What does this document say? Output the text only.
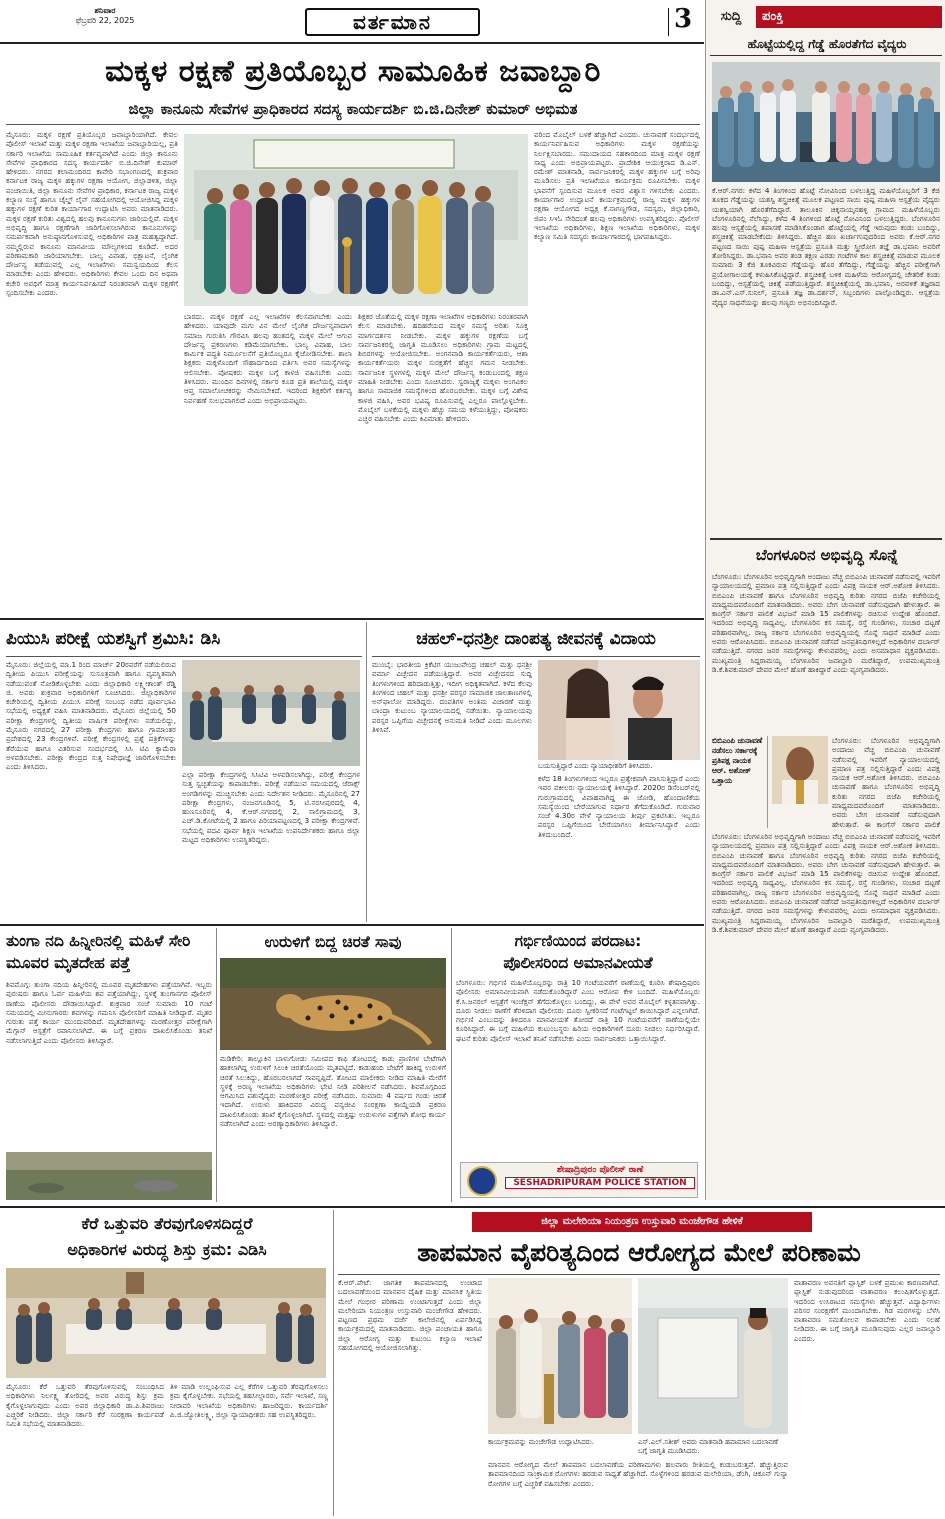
ಶನಿವಾರ
ಫೆಬ್ರವರಿ 22, 2025	ವರ್ತಮಾನ	3	ಸುದ್ದಿ	ಪಂಕ್ತಿ
ಹೊಟ್ಟೆಯಲ್ಲಿದ್ದ ಗೆಡ್ಡೆ ಹೊರತೆಗೆದ ವೈದ್ಯರು
ಕೆ.ಆರ್.ನಗರ: ಕಳೆದ 4 ತಿಂಗಳಿಂದ ಹೊಟ್ಟೆ ನೋವಿನಿಂದ ಬಳಲುತ್ತಿದ್ದ ಮಹಿಳೆಯೊಬ್ಬರಿಗೆ 3 ಕೆಜಿ ತೂಕದ ಗೆಡ್ಡೆಯನ್ನು ಯಶಸ್ವಿ ಶಸ್ತ್ರಚಿಕಿತ್ಸೆ ಮೂಲಕ ಪಟ್ಟಣದ ಸಾಯಿ ಪುಷ್ಪ ಮಹಿಳಾ ಆಸ್ಪತ್ರೆಯ ವೈದ್ಯರು ಯಶಸ್ವಿಯಾಗಿ ಹೊರತೆಗೆದಿದ್ದಾರೆ. ತಾಲೂಕಿನ ಚಿಕ್ಕನಾಯ್ಕನಹಳ್ಳಿ ಗ್ರಾಮದ ಮಹಿಳೆಯೊಬ್ಬರು ಬೆಂಗಳೂರಿನಲ್ಲಿ ನೆಲೆಸಿದ್ದು, ಕಳೆದ 4 ತಿಂಗಳಿಂದ ಹೊಟ್ಟೆ ನೋವಿನಿಂದ ಬಳಲುತ್ತಿದ್ದರು. ಬೆಂಗಳೂರಿನ ಹಲವು ಆಸ್ಪತ್ರೆಯಲ್ಲಿ ತಪಾಸಣೆ ಮಾಡಿಸಿಕೊಂಡಾಗ ಹೊಟ್ಟೆಯಲ್ಲಿ ಗೆಡ್ಡೆ ಇರುವುದು ಕಂಡು ಬಂದಿದ್ದು, ಶಸ್ತ್ರಚಿಕಿತ್ಸೆ ಮಾಡಬೇಕೆಂದು ತಿಳಿಸಿದ್ದರು. ಹೆಚ್ಚಿನ ಹಣ ಖರ್ಚಾಗುವುದರಿಂದ ಅವರು ಕೆ.ಆರ್.ನಗರ ಪಟ್ಟಣದ ಸಾಯಿ ಪುಷ್ಪ ಮಹಿಳಾ ಆಸ್ಪತ್ರೆಯ ಪ್ರಸೂತಿ ಮತ್ತು ಸ್ತ್ರೀರೋಗ ತಜ್ಞೆ ಡಾ.ಭವಾನಿ ಅವರಿಗೆ ತೋರಿಸಿದ್ದರು. ಡಾ.ಭವಾನಿ ಅವರ ತಂಡ ತಕ್ಷಣ ಎರಡು ಗಂಟೆಗಳ ಕಾಲ ಶಸ್ತ್ರಚಿಕಿತ್ಸೆ ಮಾಡುವ ಮೂಲಕ ಸುಮಾರು 3 ಕೆಜಿ ತೂಕವಿರುವ ಗೆಡ್ಡೆಯನ್ನು ಹೊರ ತೆಗೆದಿದ್ದು, ಗೆಡ್ಡೆಯನ್ನು ಹೆಚ್ಚಿನ ಪರೀಕ್ಷೆಗಾಗಿ ಪ್ರಯೋಗಾಲಯಕ್ಕೆ ಕಳುಹಿಸಿಕೊಟ್ಟಿದ್ದಾರೆ. ಶಸ್ತ್ರಚಿಕಿತ್ಸೆ ಬಳಿಕ ಮಹಿಳೆಯ ಆರೋಗ್ಯದಲ್ಲಿ ಚೇತರಿಕೆ ಕಂಡು ಬಂದಿದ್ದು, ಆಸ್ಪತ್ರೆಯಲ್ಲಿ ಚಿಕಿತ್ಸೆ ಪಡೆಯುತ್ತಿದ್ದಾರೆ. ಶಸ್ತ್ರಚಿಕಿತ್ಸೆಯಲ್ಲಿ ಡಾ.ಭವಾನಿ, ಅರವಳಿಕೆ ತಜ್ಞರಾದ ಡಾ.ಎನ್.ಎಸ್.ಸುನಿಲ್, ಪ್ರಸೂತಿ ತಜ್ಞ ಡಾ.ದರ್ಶನ್, ಸಿಬ್ಬಂದಿಗಳು ಪಾಲ್ಗೊಂಡಿದ್ದರು. ಆಸ್ಪತ್ರೆಯ ವೈದ್ಯರ ಸಾಧನೆಯನ್ನು ಹಲವು ಗಣ್ಯರು ಅಭಿನಂದಿಸಿದ್ದಾರೆ.
ಬೆಂಗಳೂರಿನ ಅಭಿವೃದ್ಧಿ ಸೊನ್ನೆ
ಬೆಂಗಳೂರು: ಬೆಂಗಳೂರಿನ ಅಭಿವೃದ್ಧಿಗಾಗಿ ಅಂದಾಜು ವೆಚ್ಚ ಬಿಬಿಎಂಪಿ ಚುನಾವಣೆ ನಡೆಸುವಲ್ಲಿ ಇವರಿಗೆ ನ್ಯಾಯಾಲಯದಲ್ಲಿ ಪ್ರಮಾಣ ಪತ್ರ ಸಲ್ಲಿಸುತ್ತಿದ್ದಾರೆ ಎಂದು ವಿಪಕ್ಷ ನಾಯಕ ಆರ್.ಅಶೋಕ ತಿಳಿಸಿದರು. ಬಿಬಿಎಂಪಿ ಚುನಾವಣೆ ಹಾಗೂ ಬೆಂಗಳೂರಿನ ಅಭಿವೃದ್ಧಿ ಕುರಿತು ನಗರದ ಬಿಜೆಪಿ ಕಚೇರಿಯಲ್ಲಿ ಮಾಧ್ಯಮದವರೊಂದಿಗೆ ಮಾತನಾಡಿದರು. ಅವರು ಬೇಗ ಚುನಾವಣೆ ನಡೆಸುವುದಾಗಿ ಹೇಳುತ್ತಾರೆ. ಈ ಕಾಂಗ್ರೆಸ್ ಸರ್ಕಾರ ಪಾಲಿಕೆ ವಿಭಜನೆ ಮಾಡಿ 15 ಪಾಲಿಕೆಗಳನ್ನು ರಚಿಸುವ ಉದ್ದೇಶ ಹೊಂದಿದೆ. ಇದರಿಂದ ಅಭಿವೃದ್ಧಿ ಸಾಧ್ಯವಿಲ್ಲ. ಬೆಂಗಳೂರಿನ ಕಸ ಸಮಸ್ಯೆ, ರಸ್ತೆ ಗುಂಡಿಗಳು, ಸಂಚಾರ ದಟ್ಟಣೆ ಪರಿಹಾರವಾಗಿಲ್ಲ. ರಾಜ್ಯ ಸರ್ಕಾರ ಬೆಂಗಳೂರಿನ ಅಭಿವೃದ್ಧಿಯಲ್ಲಿ ಸೊನ್ನೆ ಸಾಧನೆ ಮಾಡಿದೆ ಎಂದು ಅವರು ಆರೋಪಿಸಿದರು. ಬಿಬಿಎಂಪಿ ಚುನಾವಣೆ ನಡೆಸದೆ ಜನಪ್ರತಿನಿಧಿಗಳಿಲ್ಲದೆ ಅಧಿಕಾರಿಗಳ ದರ್ಬಾರ್ ನಡೆಯುತ್ತಿದೆ. ನಗರದ ಜನರ ಸಮಸ್ಯೆಗಳನ್ನು ಕೇಳುವವರಿಲ್ಲ ಎಂದು ಅಸಮಾಧಾನ ವ್ಯಕ್ತಪಡಿಸಿದರು. ಮುಖ್ಯಮಂತ್ರಿ ಸಿದ್ದರಾಮಯ್ಯ ಬೆಂಗಳೂರಿನ ಜವಾಬ್ದಾರಿ ಮರೆತಿದ್ದಾರೆ, ಉಪಮುಖ್ಯಮಂತ್ರಿ ಡಿ.ಕೆ.ಶಿವಕುಮಾರ್ ದೇವರ ಮೇಲೆ ಹೊಣೆ ಹಾಕಿದ್ದಾರೆ ಎಂದು ವ್ಯಂಗ್ಯವಾಡಿದರು.
ಬಿಬಿಎಂಪಿ ಚುನಾವಣೆ ನಡೆಸಲು ಸರ್ಕಾರಕ್ಕೆ ಪ್ರತಿಪಕ್ಷ ನಾಯಕ ಆರ್. ಅಶೋಕ್ ಒತ್ತಾಯ
ಬೆಂಗಳೂರು: ಬೆಂಗಳೂರಿನ ಅಭಿವೃದ್ಧಿಗಾಗಿ ಅಂದಾಜು ವೆಚ್ಚ ಬಿಬಿಎಂಪಿ ಚುನಾವಣೆ ನಡೆಸುವಲ್ಲಿ ಇವರಿಗೆ ನ್ಯಾಯಾಲಯದಲ್ಲಿ ಪ್ರಮಾಣ ಪತ್ರ ಸಲ್ಲಿಸುತ್ತಿದ್ದಾರೆ ಎಂದು ವಿಪಕ್ಷ ನಾಯಕ ಆರ್.ಅಶೋಕ ತಿಳಿಸಿದರು. ಬಿಬಿಎಂಪಿ ಚುನಾವಣೆ ಹಾಗೂ ಬೆಂಗಳೂರಿನ ಅಭಿವೃದ್ಧಿ ಕುರಿತು ನಗರದ ಬಿಜೆಪಿ ಕಚೇರಿಯಲ್ಲಿ ಮಾಧ್ಯಮದವರೊಂದಿಗೆ ಮಾತನಾಡಿದರು. ಅವರು ಬೇಗ ಚುನಾವಣೆ ನಡೆಸುವುದಾಗಿ ಹೇಳುತ್ತಾರೆ. ಈ ಕಾಂಗ್ರೆಸ್ ಸರ್ಕಾರ ಪಾಲಿಕೆ
ಬೆಂಗಳೂರು: ಬೆಂಗಳೂರಿನ ಅಭಿವೃದ್ಧಿಗಾಗಿ ಅಂದಾಜು ವೆಚ್ಚ ಬಿಬಿಎಂಪಿ ಚುನಾವಣೆ ನಡೆಸುವಲ್ಲಿ ಇವರಿಗೆ ನ್ಯಾಯಾಲಯದಲ್ಲಿ ಪ್ರಮಾಣ ಪತ್ರ ಸಲ್ಲಿಸುತ್ತಿದ್ದಾರೆ ಎಂದು ವಿಪಕ್ಷ ನಾಯಕ ಆರ್.ಅಶೋಕ ತಿಳಿಸಿದರು. ಬಿಬಿಎಂಪಿ ಚುನಾವಣೆ ಹಾಗೂ ಬೆಂಗಳೂರಿನ ಅಭಿವೃದ್ಧಿ ಕುರಿತು ನಗರದ ಬಿಜೆಪಿ ಕಚೇರಿಯಲ್ಲಿ ಮಾಧ್ಯಮದವರೊಂದಿಗೆ ಮಾತನಾಡಿದರು. ಅವರು ಬೇಗ ಚುನಾವಣೆ ನಡೆಸುವುದಾಗಿ ಹೇಳುತ್ತಾರೆ. ಈ ಕಾಂಗ್ರೆಸ್ ಸರ್ಕಾರ ಪಾಲಿಕೆ ವಿಭಜನೆ ಮಾಡಿ 15 ಪಾಲಿಕೆಗಳನ್ನು ರಚಿಸುವ ಉದ್ದೇಶ ಹೊಂದಿದೆ. ಇದರಿಂದ ಅಭಿವೃದ್ಧಿ ಸಾಧ್ಯವಿಲ್ಲ. ಬೆಂಗಳೂರಿನ ಕಸ ಸಮಸ್ಯೆ, ರಸ್ತೆ ಗುಂಡಿಗಳು, ಸಂಚಾರ ದಟ್ಟಣೆ ಪರಿಹಾರವಾಗಿಲ್ಲ. ರಾಜ್ಯ ಸರ್ಕಾರ ಬೆಂಗಳೂರಿನ ಅಭಿವೃದ್ಧಿಯಲ್ಲಿ ಸೊನ್ನೆ ಸಾಧನೆ ಮಾಡಿದೆ ಎಂದು ಅವರು ಆರೋಪಿಸಿದರು. ಬಿಬಿಎಂಪಿ ಚುನಾವಣೆ ನಡೆಸದೆ ಜನಪ್ರತಿನಿಧಿಗಳಿಲ್ಲದೆ ಅಧಿಕಾರಿಗಳ ದರ್ಬಾರ್ ನಡೆಯುತ್ತಿದೆ. ನಗರದ ಜನರ ಸಮಸ್ಯೆಗಳನ್ನು ಕೇಳುವವರಿಲ್ಲ ಎಂದು ಅಸಮಾಧಾನ ವ್ಯಕ್ತಪಡಿಸಿದರು. ಮುಖ್ಯಮಂತ್ರಿ ಸಿದ್ದರಾಮಯ್ಯ ಬೆಂಗಳೂರಿನ ಜವಾಬ್ದಾರಿ ಮರೆತಿದ್ದಾರೆ, ಉಪಮುಖ್ಯಮಂತ್ರಿ ಡಿ.ಕೆ.ಶಿವಕುಮಾರ್ ದೇವರ ಮೇಲೆ ಹೊಣೆ ಹಾಕಿದ್ದಾರೆ ಎಂದು ವ್ಯಂಗ್ಯವಾಡಿದರು.
ಮಕ್ಕಳ ರಕ್ಷಣೆ ಪ್ರತಿಯೊಬ್ಬರ ಸಾಮೂಹಿಕ ಜವಾಬ್ದಾರಿ
ಜಿಲ್ಲಾ ಕಾನೂನು ಸೇವೆಗಳ ಪ್ರಾಧಿಕಾರದ ಸದಸ್ಯ ಕಾರ್ಯದರ್ಶಿ ಬಿ.ಜಿ.ದಿನೇಶ್ ಕುಮಾರ್ ಅಭಿಮತ
ಮೈಸೂರು: ಮಕ್ಕಳ ರಕ್ಷಣೆ ಪ್ರತಿಯೊಬ್ಬರ ಜವಾಬ್ದಾರಿಯಾಗಿದೆ. ಕೇವಲ ಪೊಲೀಸ್ ಇಲಾಖೆ ಮತ್ತು ಮಕ್ಕಳ ರಕ್ಷಣಾ ಇಲಾಖೆಯ ಜವಾಬ್ದಾರಿಯಲ್ಲ, ಪ್ರತಿ ಸರ್ಕಾರಿ ಇಲಾಖೆಯ ಸಾಮೂಹಿಕ ಕರ್ತವ್ಯವಾಗಿದೆ ಎಂದು ಜಿಲ್ಲಾ ಕಾನೂನು ಸೇವೆಗಳ ಪ್ರಾಧಿಕಾರದ ಸದಸ್ಯ ಕಾರ್ಯದರ್ಶಿ ಬಿ.ಜಿ.ದಿನೇಶ್ ಕುಮಾರ್ ಹೇಳಿದರು. ನಗರದ ಕಲಾಮಂದಿರದ ಕಾವೇರಿ ಸಭಾಂಗಣದಲ್ಲಿ ಶುಕ್ರವಾರ ಕರ್ನಾಟಕ ರಾಜ್ಯ ಮಕ್ಕಳ ಹಕ್ಕುಗಳ ರಕ್ಷಣಾ ಆಯೋಗ, ಜಿಲ್ಲಾಡಳಿತ, ಜಿಲ್ಲಾ ಪಂಚಾಯಿತಿ, ಜಿಲ್ಲಾ ಕಾನೂನು ಸೇವೆಗಳ ಪ್ರಾಧಿಕಾರ, ಕರ್ನಾಟಕ ರಾಜ್ಯ ಮಕ್ಕಳ ಕಲ್ಯಾಣ ಸಂಸ್ಥೆ ಹಾಗೂ ಚೈಲ್ಡ್ ಲೈನ್ ಸಹಯೋಗದಲ್ಲಿ ಆಯೋಜಿಸಿದ್ದ ಮಕ್ಕಳ ಹಕ್ಕುಗಳ ರಕ್ಷಣೆ ಕುರಿತ ಕಾರ್ಯಾಗಾರ ಉದ್ಘಾಟಿಸಿ ಅವರು ಮಾತನಾಡಿದರು. ಮಕ್ಕಳ ರಕ್ಷಣೆ ಕುರಿತು ವಿಶ್ವದಲ್ಲಿ ಹಲವು ಕಾನೂನುಗಳು ಜಾರಿಯಲ್ಲಿವೆ. ಮಕ್ಕಳ ಅಭಿವೃದ್ಧಿ ಹಾಗೂ ರಕ್ಷಣೆಗಾಗಿ ಜಾರಿಗೊಳಿಸಲಾಗಿರುವ ಕಾನೂನುಗಳನ್ನು ಸಮರ್ಪಕವಾಗಿ ಅನುಷ್ಠಾನಗೊಳಿಸುವಲ್ಲಿ ಅಧಿಕಾರಿಗಳ ಪಾತ್ರ ಮಹತ್ವದ್ದಾಗಿದೆ. ನಮ್ಮಲ್ಲಿರುವ ಕಾನೂನು ಮಾನವೀಯ ಮೌಲ್ಯಗಳಿಂದ ಕೂಡಿದೆ. ಅದರ ಪರಿಣಾಮಕಾರಿ ಜಾರಿಯಾಗಬೇಕು. ಬಾಲ್ಯ ವಿವಾಹ, ಭಿಕ್ಷಾಟನೆ, ಲೈಂಗಿಕ ದೌರ್ಜನ್ಯ ತಡೆಯುವಲ್ಲಿ ಎಲ್ಲ ಇಲಾಖೆಗಳು ಸಮನ್ವಯದಿಂದ ಕೆಲಸ ಮಾಡಬೇಕು ಎಂದು ಹೇಳಿದರು. ಅಧಿಕಾರಿಗಳು ಕೇವಲ ಒಂದು ದಿನ ಅಥವಾ ಕಚೇರಿ ಅವಧಿಗೆ ಮಾತ್ರ ಕಾರ್ಯನಿರ್ವಹಿಸದೆ ನಿರಂತರವಾಗಿ ಮಕ್ಕಳ ರಕ್ಷಣೆಗೆ ಸ್ಪಂದಿಸಬೇಕು ಎಂದರು.
ಬಾರದು. ಮಕ್ಕಳ ರಕ್ಷಣೆ ಎಲ್ಲ ಇಲಾಖೆಗಳ ಕೆಲಸವಾಗಬೇಕು ಎಂದು ಹೇಳಿದರು. ಯಾವುದೇ ಮಗು ವಿನ ಮೇಲೆ ಲೈಂಗಿಕ ದೌರ್ಜನ್ಯವಾದಾಗ ಸಮಾಜ ಗುರುತಿಸಿ ಗೌರವಿಸಿ ಹಲವು ಹಂತದಲ್ಲಿ ಮಕ್ಕಳ ಮೇಲೆ ಆಗುವ ದೌರ್ಜನ್ಯ ಪ್ರಕರಣಗಳು ಕಡಿಮೆಯಾಗಬೇಕು. ಬಾಲ್ಯ ವಿವಾಹ, ಬಾಲ ಕಾರ್ಮಿಕ ಪದ್ಧತಿ ನಿರ್ಮೂಲನೆಗೆ ಪ್ರತಿಯೊಬ್ಬರೂ ಕೈಜೋಡಿಸಬೇಕು. ಶಾಲಾ ಶಿಕ್ಷಕರು ಮಕ್ಕಳೊಂದಿಗೆ ಸೌಹಾರ್ದದಿಂದ ವರ್ತಿಸಿ ಅವರ ಸಮಸ್ಯೆಗಳನ್ನು ಆಲಿಸಬೇಕು. ಪೋಷಕರು ಮಕ್ಕಳ ಬಗ್ಗೆ ಕಾಳಜಿ ವಹಿಸಬೇಕು ಎಂದು ತಿಳಿಸಿದರು. ಮುಂದಿನ ದಿನಗಳಲ್ಲಿ ಸರ್ಕಾರ ಕೂಡ ಪ್ರತಿ ಶಾಲೆಯಲ್ಲಿ ಮಕ್ಕಳ ಆಪ್ತ ಸಮಾಲೋಚಕರನ್ನು ನೇಮಿಸಬೇಕಿದೆ. ಇದರಿಂದ ಶಿಕ್ಷಕರಿಗೆ ಕರ್ತವ್ಯ ನಿರ್ವಹಣೆ ಸುಲಭವಾಗಲಿದೆ ಎಂದು ಅಭಿಪ್ರಾಯಪಟ್ಟರು.
ಶಿಕ್ಷಕರ ಜೊತೆಯಲ್ಲಿ ಮಕ್ಕಳ ರಕ್ಷಣಾ ಇಲಾಖೆಗಳ ಅಧಿಕಾರಿಗಳು ನಿರಂತರವಾಗಿ ಕೆಲಸ ಮಾಡಬೇಕು. ಹದಿಹರೆಯದ ಮಕ್ಕಳ ಸಮಸ್ಯೆ ಅರಿತು ಸೂಕ್ತ ಮಾರ್ಗದರ್ಶನ ನೀಡಬೇಕು. ಮಕ್ಕಳ ಹಕ್ಕುಗಳ ರಕ್ಷಣೆಯ ಬಗ್ಗೆ ಸಾರ್ವಜನಿಕರಲ್ಲಿ ಜಾಗೃತಿ ಮೂಡಿಸಲು ಅಧಿಕಾರಿಗಳು ಗ್ರಾಮ ಮಟ್ಟದಲ್ಲಿ ಶಿಬಿರಗಳನ್ನು ಆಯೋಜಿಸಬೇಕು. ಅಂಗನವಾಡಿ ಕಾರ್ಯಕರ್ತೆಯರು, ಆಶಾ ಕಾರ್ಯಕರ್ತೆಯರು ಮಕ್ಕಳ ಸುರಕ್ಷತೆಗೆ ಹೆಚ್ಚಿನ ಗಮನ ನೀಡಬೇಕು. ಸಾರ್ವಜನಿಕ ಸ್ಥಳಗಳಲ್ಲಿ ಮಕ್ಕಳ ಮೇಲೆ ದೌರ್ಜನ್ಯ ಕಂಡುಬಂದಲ್ಲಿ ತಕ್ಷಣ ಮಾಹಿತಿ ನೀಡಬೇಕು ಎಂದು ಸೂಚಿಸಿದರು. ಸ್ವರಾಜ್ಯಕ್ಕೆ ಮಕ್ಕಳು ಅಂಗವಿಕಲ ಹಾಗೂ ಸಾಮಾಜಿಕ ಸಮಸ್ಯೆಗಳಿಂದ ಹೊರಬರಬೇಕು. ಮಕ್ಕಳ ಬಗ್ಗೆ ವಿಶೇಷ ಕಾಳಜಿ ವಹಿಸಿ, ಅವರ ಭವಿಷ್ಯ ರೂಪಿಸುವಲ್ಲಿ ಎಲ್ಲರೂ ಪಾಲ್ಗೊಳ್ಳಬೇಕು. ಮೊಬೈಲ್ ಬಳಕೆಯಲ್ಲಿ ಮಕ್ಕಳು ಹೆಚ್ಚು ಸಮಯ ಕಳೆಯುತ್ತಿದ್ದು, ಪೋಷಕರು ಎಚ್ಚರ ವಹಿಸಬೇಕು ಎಂದು ಕಿವಿಮಾತು ಹೇಳಿದರು.
ವರಿಂದ ಮೊಬೈಲ್ ಬಳಕೆ ಹೆಚ್ಚಾಗಿದೆ ಎಂದರು. ಚುನಾವಣೆ ಸಂದರ್ಭದಲ್ಲಿ ಕಾರ್ಯನಿರ್ವಹಿಸುವ ಅಧಿಕಾರಿಗಳು ಮಕ್ಕಳ ರಕ್ಷಣೆಯನ್ನು ನಿರ್ಲಕ್ಷಿಸಬಾರದು. ಸಮುದಾಯದ ಸಹಕಾರದಿಂದ ಮಾತ್ರ ಮಕ್ಕಳ ರಕ್ಷಣೆ ಸಾಧ್ಯ ಎಂದು ಅಭಿಪ್ರಾಯಪಟ್ಟರು. ಪ್ರಾದೇಶಿಕ ಆಯುಕ್ತರಾದ ಡಿ.ಎಸ್. ರಮೇಶ್ ಮಾತನಾಡಿ, ಸಾರ್ವಜನಿಕರಲ್ಲಿ ಮಕ್ಕಳ ಹಕ್ಕುಗಳ ಬಗ್ಗೆ ಅರಿವು ಮೂಡಿಸಲು ಪ್ರತಿ ಇಲಾಖೆಯೂ ಕಾರ್ಯಕ್ರಮ ರೂಪಿಸಬೇಕು. ಮಕ್ಕಳ ಭಾವನೆಗೆ ಸ್ಪಂದಿಸುವ ಮೂಲಕ ಅವರ ವಿಶ್ವಾಸ ಗಳಿಸಬೇಕು ಎಂದರು. ಕಾರ್ಯಾಗಾರ ಉದ್ಘಾಟನೆ ಕಾರ್ಯಕ್ರಮದಲ್ಲಿ ರಾಜ್ಯ ಮಕ್ಕಳ ಹಕ್ಕುಗಳ ರಕ್ಷಣಾ ಆಯೋಗದ ಅಧ್ಯಕ್ಷ ಕೆ.ನಾಗಣ್ಣಗೌಡ, ಸದಸ್ಯರು, ಜಿಲ್ಲಾಧಿಕಾರಿ, ಜಿಪಂ ಸಿಇಓ ಸೇರಿದಂತೆ ಹಲವು ಅಧಿಕಾರಿಗಳು ಉಪಸ್ಥಿತರಿದ್ದರು. ಪೊಲೀಸ್ ಇಲಾಖೆಯ ಅಧಿಕಾರಿಗಳು, ಶಿಕ್ಷಣ ಇಲಾಖೆಯ ಅಧಿಕಾರಿಗಳು, ಮಕ್ಕಳ ಕಲ್ಯಾಣ ಸಮಿತಿ ಸದಸ್ಯರು ಕಾರ್ಯಾಗಾರದಲ್ಲಿ ಭಾಗವಹಿಸಿದ್ದರು.
ಪಿಯುಸಿ ಪರೀಕ್ಷೆ ಯಶಸ್ವಿಗೆ ಶ್ರಮಿಸಿ: ಡಿಸಿ
ಮೈಸೂರು: ಜಿಲ್ಲೆಯಲ್ಲಿ ಮಾ.1 ರಿಂದ ಮಾರ್ಚ್ 20ರವರೆಗೆ ನಡೆಯಲಿರುವ ದ್ವಿತೀಯ ಪಿಯುಸಿ ಪರೀಕ್ಷೆಯನ್ನು ಸುಸೂತ್ರವಾಗಿ ಹಾಗೂ ವ್ಯವಸ್ಥಿತವಾಗಿ ನಡೆಯುವಂತೆ ನೋಡಿಕೊಳ್ಳಬೇಕು ಎಂದು ಜಿಲ್ಲಾಧಿಕಾರಿ ಲಕ್ಷ್ಮೀಕಾಂತ್ ರೆಡ್ಡಿ ಜಿ. ಅವರು ಶುಕ್ರವಾರ ಅಧಿಕಾರಿಗಳಿಗೆ ಸೂಚಿಸಿದರು. ಜಿಲ್ಲಾಧಿಕಾರಿಗಳ ಕಚೇರಿಯಲ್ಲಿ ದ್ವಿತೀಯ ಪಿಯುಸಿ ಪರೀಕ್ಷೆ ಸಂಬಂಧ ನಡೆದ ಪೂರ್ವಭಾವಿ ಸಭೆಯಲ್ಲಿ ಅಧ್ಯಕ್ಷತೆ ವಹಿಸಿ ಮಾತನಾಡಿದರು. ಮೈಸೂರು ಜಿಲ್ಲೆಯಲ್ಲಿ 50 ಪರೀಕ್ಷಾ ಕೇಂದ್ರಗಳಲ್ಲಿ ದ್ವಿತೀಯ ವಾರ್ಷಿಕ ಪರೀಕ್ಷೆಗಳು ನಡೆಯಲಿದ್ದು, ಮೈಸೂರು ನಗರದಲ್ಲಿ 27 ಪರೀಕ್ಷಾ ಕೇಂದ್ರಗಳು ಹಾಗೂ ಗ್ರಾಮಾಂತರ ಪ್ರದೇಶದಲ್ಲಿ 23 ಕೇಂದ್ರಗಳಿವೆ. ಪರೀಕ್ಷೆ ಕೇಂದ್ರಗಳಲ್ಲಿ ಪ್ರಶ್ನೆ ಪತ್ರಿಕೆಗಳನ್ನು ತೆರೆಯುವ ಹಾಗೂ ವಿತರಿಸುವ ಸಂದರ್ಭದಲ್ಲಿ ಸಿಸಿ ಟಿವಿ ಕ್ಯಾಮೆರಾ ಅಳವಡಿಸಬೇಕು. ಪರೀಕ್ಷಾ ಕೇಂದ್ರದ ಸುತ್ತ ನಿಷೇಧಾಜ್ಞೆ ಜಾರಿಗೊಳಿಸಬೇಕು ಎಂದು ತಿಳಿಸಿದರು.
ಎಲ್ಲಾ ಪರೀಕ್ಷಾ ಕೇಂದ್ರಗಳಲ್ಲಿ ಸಿಸಿಟಿವಿ ಅಳವಡಿಸಲಾಗಿದ್ದು, ಪರೀಕ್ಷೆ ಕೇಂದ್ರಗಳ ಸುತ್ತ ಸ್ವಚ್ಛತೆಯನ್ನು ಕಾಪಾಡಬೇಕು. ಪರೀಕ್ಷೆ ನಡೆಯುವ ಸಮಯದಲ್ಲಿ ಜೆರಾಕ್ಸ್ ಅಂಗಡಿಗಳನ್ನು ಮುಚ್ಚಿಸಬೇಕು ಎಂದು ನಿರ್ದೇಶನ ನೀಡಿದರು. ಮೈಸೂರಿನಲ್ಲಿ 27 ಪರೀಕ್ಷಾ ಕೇಂದ್ರಗಳು, ನಂಜನಗೂಡಿನಲ್ಲಿ 5, ಟಿ.ನರಸೀಪುರದಲ್ಲಿ 4, ಹುಣಸೂರಿನಲ್ಲಿ 4, ಕೆ.ಆರ್.ನಗರದಲ್ಲಿ 2, ಸಾಲಿಗ್ರಾಮದಲ್ಲಿ 3, ಎಚ್.ಡಿ.ಕೋಟೆಯಲ್ಲಿ 2 ಹಾಗೂ ಪಿರಿಯಾಪಟ್ಟಣದಲ್ಲಿ 3 ಪರೀಕ್ಷಾ ಕೇಂದ್ರಗಳಿವೆ. ಸಭೆಯಲ್ಲಿ ಪದವಿ ಪೂರ್ವ ಶಿಕ್ಷಣ ಇಲಾಖೆಯ ಉಪನಿರ್ದೇಶಕರು ಹಾಗೂ ಜಿಲ್ಲಾ ಮಟ್ಟದ ಅಧಿಕಾರಿಗಳು ಉಪಸ್ಥಿತರಿದ್ದರು.
ಚಹಲ್-ಧನಶ್ರೀ ದಾಂಪತ್ಯ ಜೀವನಕ್ಕೆ ವಿದಾಯ
ಮುಂಬೈ: ಭಾರತೀಯ ಕ್ರಿಕೆಟಿಗ ಯುಜುವೇಂದ್ರ ಚಹಲ್ ಮತ್ತು ಧನಶ್ರೀ ವರ್ಮಾ ವಿಚ್ಛೇದನ ಪಡೆಯುತ್ತಿದ್ದಾರೆ. ಅವರ ವಿಚ್ಛೇದನದ ಸುದ್ದಿ ತಿಂಗಳುಗಳಿಂದ ಹರಿದಾಡುತ್ತಿತ್ತು, ಇದೀಗ ಅಧಿಕೃತವಾಗಿದೆ. ಕಳೆದ ಕೆಲವು ತಿಂಗಳಿಂದ ಚಹಲ್ ಮತ್ತು ಧನಶ್ರೀ ಪರಸ್ಪರ ಸಾಮಾಜಿಕ ಜಾಲತಾಣಗಳಲ್ಲಿ ಅನ್‌ಫಾಲೋ ಮಾಡಿದ್ದರು. ದಂಪತಿಗಳ ಅಂತಿಮ ವಿಚಾರಣೆ ಮತ್ತು ಬಾಂದ್ರಾ ಕುಟುಂಬ ನ್ಯಾಯಾಲಯದಲ್ಲಿ ನಡೆಯಿತು. ನ್ಯಾಯಾಲಯವು ಪರಸ್ಪರ ಒಪ್ಪಿಗೆಯ ವಿಚ್ಛೇದನಕ್ಕೆ ಅನುಮತಿ ನೀಡಿದೆ ಎಂದು ಮೂಲಗಳು ತಿಳಿಸಿವೆ.
ಬಯಸುತ್ತಿದ್ದಾರೆ ಎಂದು ನ್ಯಾಯಾಧೀಶರಿಗೆ ತಿಳಿಸಿದರು.
ಕಳೆದ 18 ತಿಂಗಳುಗಳಿಂದ ಇಬ್ಬರೂ ಪ್ರತ್ಯೇಕವಾಗಿ ವಾಸಿಸುತ್ತಿದ್ದಾರೆ ಎಂದು ಇವರ ವಕೀಲರು ನ್ಯಾಯಾಲಯಕ್ಕೆ ತಿಳಿಸಿದ್ದಾರೆ. 2020ರ ಡಿಸೆಂಬರ್‌ನಲ್ಲಿ ಗುರುಗ್ರಾಮದಲ್ಲಿ ವಿವಾಹವಾಗಿದ್ದ ಈ ಜೋಡಿ, ಹೊಂದಾಣಿಕೆಯ ಸಮಸ್ಯೆಯಿಂದ ಬೇರೆಯಾಗುವ ನಿರ್ಧಾರ ತೆಗೆದುಕೊಂಡಿದೆ. ಗುರುವಾರ ಸಂಜೆ 4.30ರ ವೇಳೆ ನ್ಯಾಯಾಲಯ ತೀರ್ಪು ಪ್ರಕಟಿಸಿತು. ಇಬ್ಬರೂ ಪರಸ್ಪರ ಒಪ್ಪಿಗೆಯಿಂದ ಬೇರೆಯಾಗಲು ತೀರ್ಮಾನಿಸಿದ್ದಾರೆ ಎಂದು ತಿಳಿದುಬಂದಿದೆ.
ತುಂಗಾ ನದಿ ಹಿನ್ನೀರಿನಲ್ಲಿ ಮಹಿಳೆ ಸೇರಿ ಮೂವರ ಮೃತದೇಹ ಪತ್ತೆ
ಶಿವಮೊಗ್ಗ: ತುಂಗಾ ನದಿಯ ಹಿನ್ನೀರಿನಲ್ಲಿ ಮೂವರ ಮೃತದೇಹಗಳು ಪತ್ತೆಯಾಗಿವೆ. ಇಬ್ಬರು ಪುರುಷರು ಹಾಗೂ ಓರ್ವ ಮಹಿಳೆಯ ಶವ ಪತ್ತೆಯಾಗಿದ್ದು, ಸ್ಥಳಕ್ಕೆ ತುಂಗಾನಗರ ಪೊಲೀಸ್ ಠಾಣೆಯ ಪೊಲೀಸರು ದೌಡಾಯಿಸಿದ್ದಾರೆ. ಶುಕ್ರವಾರ ಸಂಜೆ ಸುಮಾರು 10 ಗಂಟೆ ಸಮಯದಲ್ಲಿ ಮೀನುಗಾರರು ಶವಗಳನ್ನು ಗಮನಿಸಿ ಪೊಲೀಸರಿಗೆ ಮಾಹಿತಿ ನೀಡಿದ್ದಾರೆ. ಮೃತರ ಗುರುತು ಪತ್ತೆ ಕಾರ್ಯ ಮುಂದುವರಿದಿದೆ. ಮೃತದೇಹಗಳನ್ನು ಮರಣೋತ್ತರ ಪರೀಕ್ಷೆಗಾಗಿ ಮೆಗ್ಗಾನ್ ಆಸ್ಪತ್ರೆಗೆ ರವಾನಿಸಲಾಗಿದೆ. ಈ ಬಗ್ಗೆ ಪ್ರಕರಣ ದಾಖಲಿಸಿಕೊಂಡು ತನಿಖೆ ನಡೆಸಲಾಗುತ್ತಿದೆ ಎಂದು ಪೊಲೀಸರು ತಿಳಿಸಿದ್ದಾರೆ.
ಉರುಳಿಗೆ ಬಿದ್ದ ಚಿರತೆ ಸಾವು
ಮಡಿಕೇರಿ: ತಾಲ್ಲೂಕಿನ ಬಾಳುಗೋಡು ಸಮೀಪದ ಕಾಫಿ ತೋಟದಲ್ಲಿ ಕಾಡು ಪ್ರಾಣಿಗಳ ಬೇಟೆಗಾಗಿ ಹಾಕಲಾಗಿದ್ದ ಉರುಳಿಗೆ ಸಿಲುಕಿ ಚಿರತೆಯೊಂದು ಮೃತಪಟ್ಟಿದೆ. ಕಾಡುಹಂದಿ ಬೇಟೆಗೆ ಹಾಕಿದ್ದ ಉರುಳಿಗೆ ಚಿರತೆ ಸಿಲುಕಿದ್ದು, ಹೊರಬರಲಾಗದೆ ಸಾವನ್ನಪ್ಪಿದೆ. ತೋಟದ ಮಾಲೀಕರು ನೀಡಿದ ಮಾಹಿತಿ ಮೇರೆಗೆ ಸ್ಥಳಕ್ಕೆ ಅರಣ್ಯ ಇಲಾಖೆಯ ಅಧಿಕಾರಿಗಳು ಭೇಟಿ ನೀಡಿ ಪರಿಶೀಲನೆ ನಡೆಸಿದರು. ಶಿವಮೊಗ್ಗದಿಂದ ಆಗಮಿಸಿದ ಪಶುವೈದ್ಯರು ಮರಣೋತ್ತರ ಪರೀಕ್ಷೆ ನಡೆಸಿದರು. ಸುಮಾರು 4 ವರ್ಷದ ಗಂಡು ಚಿರತೆ ಇದಾಗಿದೆ. ಉರುಳು ಹಾಕಿದವರ ವಿರುದ್ಧ ವನ್ಯಜೀವಿ ಸಂರಕ್ಷಣಾ ಕಾಯ್ದೆಯಡಿ ಪ್ರಕರಣ ದಾಖಲಿಸಿಕೊಂಡು ತನಿಖೆ ಕೈಗೊಳ್ಳಲಾಗಿದೆ. ಸ್ಥಳದಲ್ಲಿ ಮತ್ತಷ್ಟು ಉರುಳುಗಳ ಪತ್ತೆಗಾಗಿ ಶೋಧ ಕಾರ್ಯ ನಡೆಸಲಾಗಿದೆ ಎಂದು ಅರಣ್ಯಾಧಿಕಾರಿಗಳು ತಿಳಿಸಿದ್ದಾರೆ.
ಗರ್ಭಿಣಿಯಿಂದ ಪರದಾಟ:
ಪೊಲೀಸರಿಂದ ಅಮಾನವೀಯತೆ
ಬೆಂಗಳೂರು: ಗರ್ಭಿಣಿ ಮಹಿಳೆಯೊಬ್ಬರನ್ನು ರಾತ್ರಿ 10 ಗಂಟೆಯವರೆಗೆ ಠಾಣೆಯಲ್ಲಿ ಕೂರಿಸಿ ಶೇಷಾದ್ರಿಪುರಂ ಪೊಲೀಸರು ಅಮಾನವೀಯವಾಗಿ ನಡೆದುಕೊಂಡಿದ್ದಾರೆ ಎಂಬ ಆರೋಪ ಕೇಳಿ ಬಂದಿದೆ. ಮಹಿಳೆಯೊಬ್ಬರು ಕೆ.ಸಿ.ಜನರಲ್ ಆಸ್ಪತ್ರೆಗೆ ಇಂಜೆಕ್ಷನ್ ತೆಗೆದುಕೊಳ್ಳಲು ಬಂದಿದ್ದು, ಈ ವೇಳೆ ಅವರ ಮೊಬೈಲ್ ಕಳ್ಳತನವಾಗಿತ್ತು. ದೂರು ನೀಡಲು ಠಾಣೆಗೆ ತೆರಳಿದಾಗ ಪೊಲೀಸರು ದೂರು ಸ್ವೀಕರಿಸದೆ ಗಂಟೆಗಟ್ಟಲೆ ಕಾಯಿಸಿದ್ದಾರೆ ಎನ್ನಲಾಗಿದೆ. ಗರ್ಭಿಣಿ ಎಂಬುದನ್ನು ತಿಳಿದರೂ ಮಾನವೀಯತೆ ತೋರದೆ ರಾತ್ರಿ 10 ಗಂಟೆಯವರೆಗೆ ಠಾಣೆಯಲ್ಲಿಯೇ ಕೂರಿಸಿದ್ದಾರೆ. ಈ ಬಗ್ಗೆ ಮಹಿಳೆಯ ಕುಟುಂಬಸ್ಥರು ಹಿರಿಯ ಅಧಿಕಾರಿಗಳಿಗೆ ದೂರು ನೀಡಲು ನಿರ್ಧರಿಸಿದ್ದಾರೆ. ಘಟನೆ ಕುರಿತು ಪೊಲೀಸ್ ಇಲಾಖೆ ತನಿಖೆ ನಡೆಸಬೇಕು ಎಂದು ಸಾರ್ವಜನಿಕರು ಒತ್ತಾಯಿಸಿದ್ದಾರೆ.
ಶೇಷಾದ್ರಿಪುರಂ ಪೊಲೀಸ್ ಠಾಣೆ
SESHADRIPURAM POLICE STATION
ಕೆರೆ ಒತ್ತುವರಿ ತೆರವುಗೊಳಿಸದಿದ್ದರೆ
ಅಧಿಕಾರಿಗಳ ವಿರುದ್ಧ ಶಿಸ್ತು ಕ್ರಮ: ಎಡಿಸಿ
ಮೈಸೂರು: ಕೆರೆ ಒತ್ತುವರಿ ತೆರವುಗೊಳಿಸುವಲ್ಲಿ ಸಂಬಂಧಿಸಿದ ಅಧಿಕಾರಿಗಳು ನಿರ್ಲಕ್ಷ್ಯ ತೋರಿದಲ್ಲಿ ಅವರ ವಿರುದ್ಧ ಶಿಸ್ತು ಕ್ರಮ ಕೈಗೊಳ್ಳಲಾಗುವುದು ಎಂದು ಅಪರ ಜಿಲ್ಲಾಧಿಕಾರಿ ಡಾ.ಪಿ.ಶಿವರಾಜು ಎಚ್ಚರಿಕೆ ನೀಡಿದರು. ಜಿಲ್ಲಾ ಸರ್ಕಾರಿ ಕೆರೆ ಸಂರಕ್ಷಣಾ ಕಾರ್ಯಪಡೆ ಸಮಿತಿ ಸಭೆಯಲ್ಲಿ ಮಾತನಾಡಿದರು.
ತಿಳಿ ಮಾಡಿ ಉಲ್ಲಂಘಿಸುವ ಎಲ್ಲ ಕೆರೆಗಳ ಒತ್ತುವರಿ ತೆರವುಗೊಳಿಸಲು ಕ್ರಮ ಕೈಗೊಳ್ಳಬೇಕು. ಸಭೆಯಲ್ಲಿ ತಹಸೀಲ್ದಾರರು, ಸರ್ವೆ ಇಲಾಖೆ, ಸಣ್ಣ ನೀರಾವರಿ ಇಲಾಖೆಯ ಅಧಿಕಾರಿಗಳು ಹಾಜರಿದ್ದರು. ಕಾರ್ಯದರ್ಶಿ ಪಿ.ಜಿ.ಜ್ಯೋತಿಲಕ್ಷ್ಮಿ, ಜಿಲ್ಲಾ ನ್ಯಾಯಾಧೀಶರು ಸಹ ಉಪಸ್ಥಿತರಿದ್ದರು.
ಜಿಲ್ಲಾ ಮಲೇರಿಯಾ ನಿಯಂತ್ರಣ ಉಸ್ತುವಾರಿ ಮಂಜೇಗೌಡ ಹೇಳಿಕೆ
ತಾಪಮಾನ ವೈಪರಿತ್ಯದಿಂದ ಆರೋಗ್ಯದ ಮೇಲೆ ಪರಿಣಾಮ
ಕೆ.ಆರ್.ಪೇಟೆ: ಜಾಗತಿಕ ತಾಪಮಾನದಲ್ಲಿ ಉಂಟಾದ ಬದಲಾವಣೆಯಿಂದ ಮಾನವನ ದೈಹಿಕ ಮತ್ತು ಮಾನಸಿಕ ಸ್ಥಿತಿಯ ಮೇಲೆ ಗಂಭೀರ ಪರಿಣಾಮ ಉಂಟಾಗುತ್ತದೆ ಎಂದು ಜಿಲ್ಲಾ ಮಲೇರಿಯಾ ನಿಯಂತ್ರಣ ಉಸ್ತುವಾರಿ ಮಂಜೇಗೌಡ ಹೇಳಿದರು. ಪಟ್ಟಣದ ಪ್ರಥಮ ದರ್ಜೆ ಕಾಲೇಜಿನಲ್ಲಿ ಏರ್ಪಡಿಸಿದ್ದ ಕಾರ್ಯಕ್ರಮದಲ್ಲಿ ಮಾತನಾಡಿದರು. ಜಿಲ್ಲಾ ಪಂಚಾಯತಿ ಹಾಗೂ ಜಿಲ್ಲಾ ಆರೋಗ್ಯ ಮತ್ತು ಕುಟುಂಬ ಕಲ್ಯಾಣ ಇಲಾಖೆ ಸಹಯೋಗದಲ್ಲಿ ಆಯೋಜಿಸಲಾಗಿತ್ತು.
ಕಾರ್ಯಕ್ರಮವನ್ನು ಮಂಜೇಗೌಡ ಉದ್ಘಾಟಿಸಿದರು.	ಎಸ್.ಎಲ್.ಸತೀಶ್ ಅವರು ಮಾತನಾಡಿ ಹವಾಮಾನ ಬದಲಾವಣೆ ಬಗ್ಗೆ ಜಾಗೃತಿ ಮೂಡಿಸಿದರು.
ಮಾನವನ ಆರೋಗ್ಯದ ಮೇಲೆ ತಾಪಮಾನ ಬದಲಾವಣೆಯ ಪರಿಣಾಮಗಳು ಹಲವಾರು ರೀತಿಯಲ್ಲಿ ಕಂಡುಬರುತ್ತವೆ. ಹೆಚ್ಚುತ್ತಿರುವ ತಾಪಮಾನದಿಂದ ಸಾಂಕ್ರಾಮಿಕ ರೋಗಗಳು ಹರಡುವ ಸಾಧ್ಯತೆ ಹೆಚ್ಚಾಗಿದೆ. ಸೊಳ್ಳೆಗಳಿಂದ ಹರಡುವ ಮಲೇರಿಯಾ, ಡೆಂಗಿ, ಚಿಕೂನ್ ಗುನ್ಯಾ ರೋಗಗಳ ಬಗ್ಗೆ ಎಚ್ಚರಿಕೆ ವಹಿಸಬೇಕು ಎಂದರು.
ವಾತಾವರಣ ಅವನತಿಗೆ ಪ್ಲಾಸ್ಟಿಕ್ ಬಳಕೆ ಪ್ರಮುಖ ಕಾರಣವಾಗಿದೆ. ಪ್ಲಾಸ್ಟಿಕ್ ಸುಡುವುದರಿಂದ ವಾತಾವರಣ ಕಲುಷಿತಗೊಳ್ಳುತ್ತದೆ. ಇದರಿಂದ ಉಸಿರಾಟದ ಸಮಸ್ಯೆಗಳು ಹೆಚ್ಚುತ್ತವೆ. ವಿದ್ಯಾರ್ಥಿಗಳು ಪರಿಸರ ಸಂರಕ್ಷಣೆಗೆ ಮುಂದಾಗಬೇಕು. ಗಿಡ ಮರಗಳನ್ನು ಬೆಳೆಸಿ ವಾತಾವರಣ ಸಮತೋಲನ ಕಾಪಾಡಬೇಕು ಎಂದು ಸಲಹೆ ನೀಡಿದರು. ಈ ಬಗ್ಗೆ ಜಾಗೃತಿ ಮೂಡಿಸುವುದು ಎಲ್ಲರ ಜವಾಬ್ದಾರಿ ಎಂದರು.
